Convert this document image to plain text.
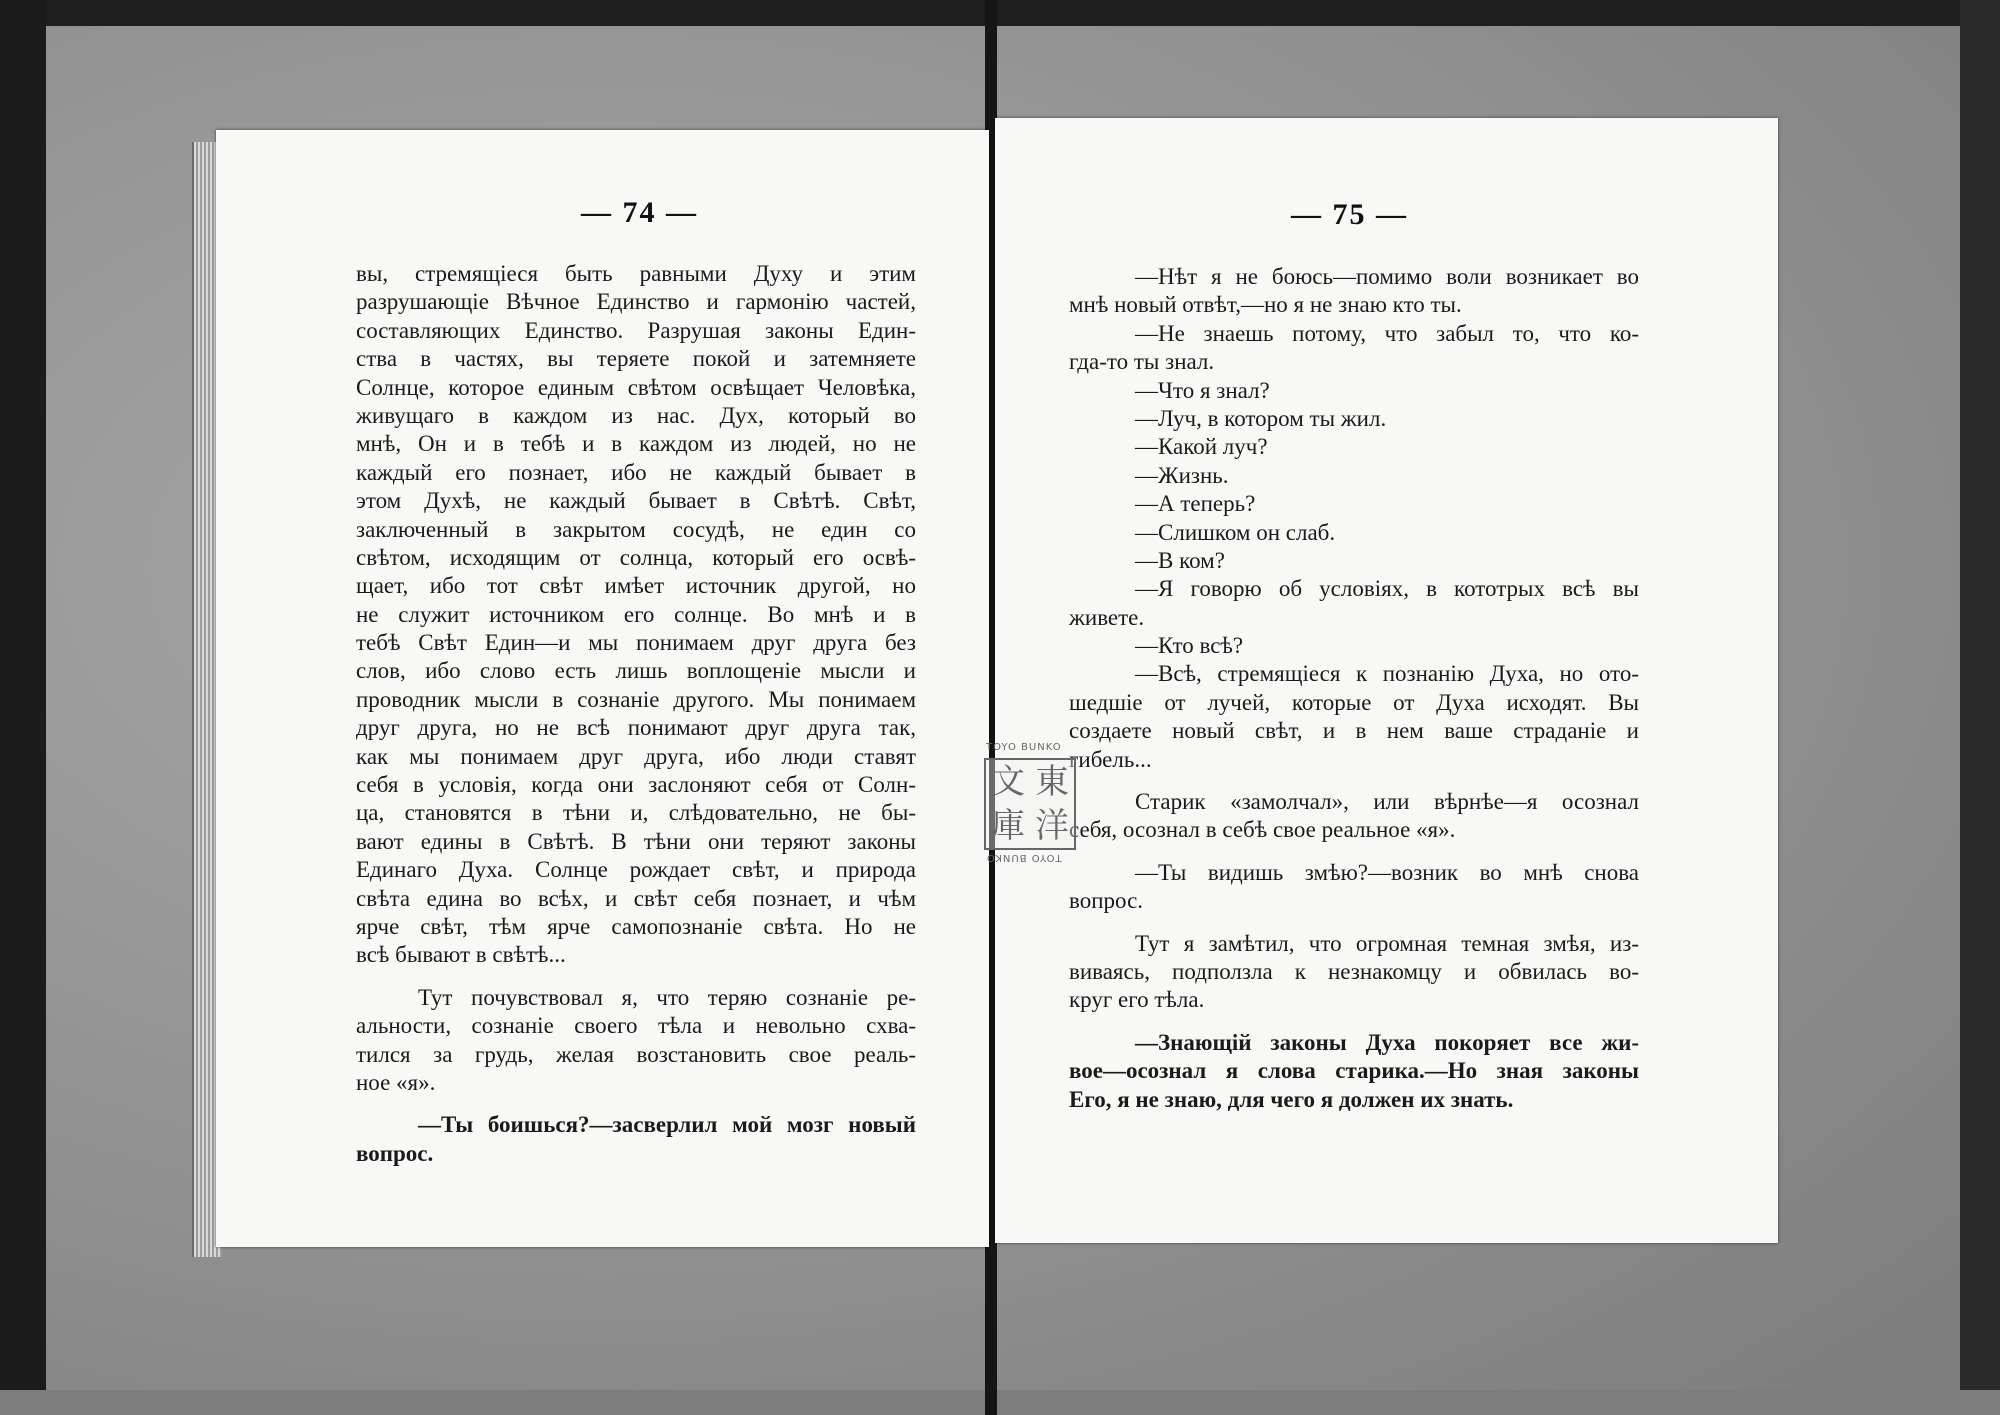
— 74 —
вы, стремящіеся быть равными Духу и этим
разрушающіе Вѣчное Единство и гармонію частей,
составляющих Единство. Разрушая законы Един-
ства в частях, вы теряете покой и затемняете
Солнце, которое единым свѣтом освѣщает Человѣка,
живущаго в каждом из нас. Дух, который во
мнѣ, Он и в тебѣ и в каждом из людей, но не
каждый его познает, ибо не каждый бывает в
этом Духѣ, не каждый бывает в Свѣтѣ. Свѣт,
заключенный в закрытом сосудѣ, не един со
свѣтом, исходящим от солнца, который его освѣ-
щает, ибо тот свѣт имѣет источник другой, но
не служит источником его солнце. Во мнѣ и в
тебѣ Свѣт Един—и мы понимаем друг друга без
слов, ибо слово есть лишь воплощеніе мысли и
проводник мысли в сознаніе другого. Мы понимаем
друг друга, но не всѣ понимают друг друга так,
как мы понимаем друг друга, ибо люди ставят
себя в условія, когда они заслоняют себя от Солн-
ца, становятся в тѣни и, слѣдовательно, не бы-
вают едины в Свѣтѣ. В тѣни они теряют законы
Единаго Духа. Солнце рождает свѣт, и природа
свѣта едина во всѣх, и свѣт себя познает, и чѣм
ярче свѣт, тѣм ярче самопознаніе свѣта. Но не
всѣ бывают в свѣтѣ...
Тут почувствовал я, что теряю сознаніе ре-
альности, сознаніе своего тѣла и невольно схва-
тился за грудь, желая возстановить свое реаль-
ное «я».
—Ты боишься?—засверлил мой мозг новый
вопрос.
— 75 —
—Нѣт я не боюсь—помимо воли возникает во
мнѣ новый отвѣт,—но я не знаю кто ты.
—Не знаешь потому, что забыл то, что ко-
гда-то ты знал.
—Что я знал?
—Луч, в котором ты жил.
—Какой луч?
—Жизнь.
—А теперь?
—Слишком он слаб.
—В ком?
—Я говорю об условіях, в кототрых всѣ вы
живете.
—Кто всѣ?
—Всѣ, стремящіеся к познанію Духа, но ото-
шедшіе от лучей, которые от Духа исходят. Вы
создаете новый свѣт, и в нем ваше страданіе и
гибель...
Старик «замолчал», или вѣрнѣе—я осознал
себя, осознал в себѣ свое реальное «я».
—Ты видишь змѣю?—возник во мнѣ снова
вопрос.
Тут я замѣтил, что огромная темная змѣя, из-
виваясь, подползла к незнакомцу и обвилась во-
круг его тѣла.
—Знающій законы Духа покоряет все жи-
вое—осознал я слова старика.—Но зная законы
Его, я не знаю, для чего я должен их знать.
TOYO BUNKO
文 東
庫 洋
TOYO BUNKO
